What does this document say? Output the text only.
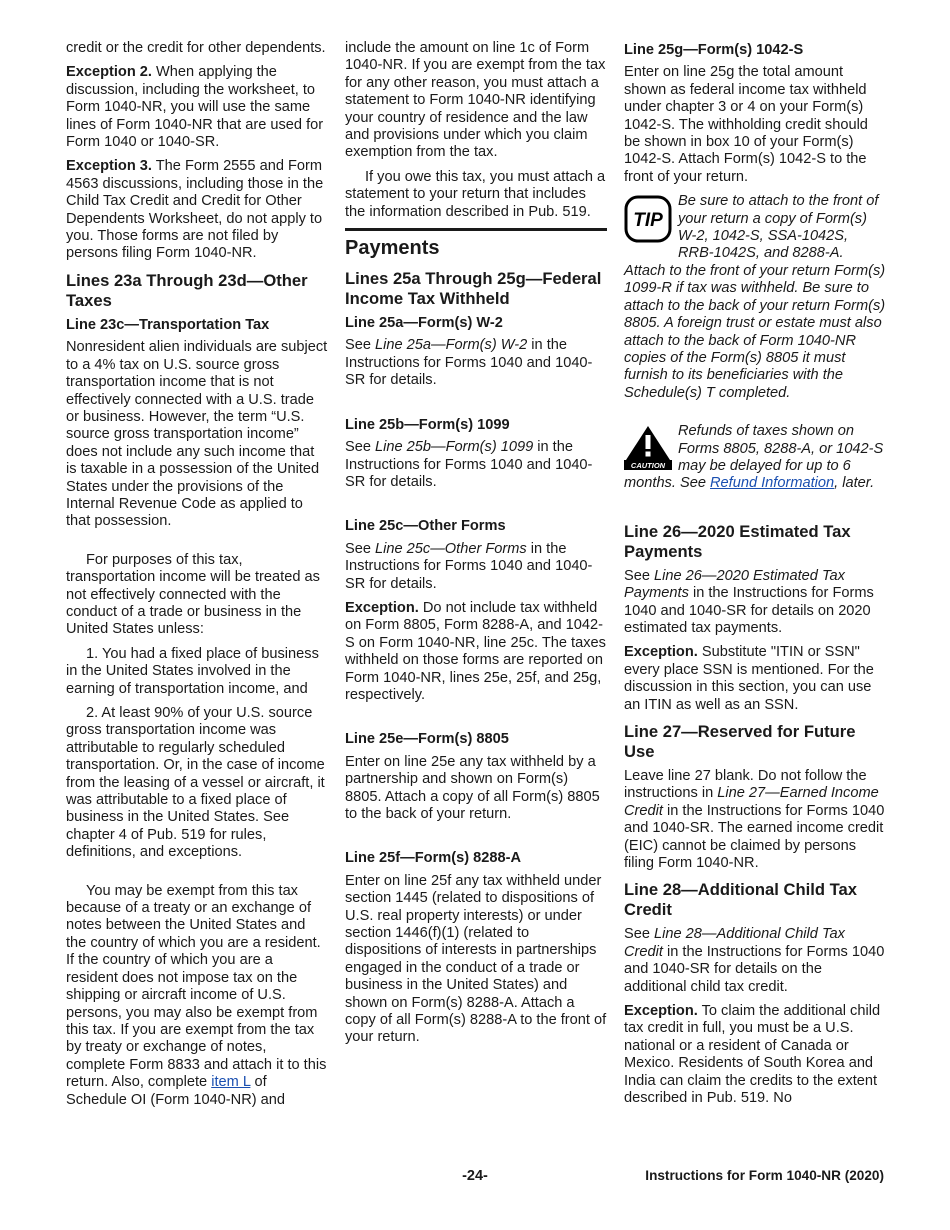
credit or the credit for other dependents.

Exception 2. When applying the discussion, including the worksheet, to Form 1040-NR, you will use the same lines of Form 1040-NR that are used for Form 1040 or 1040-SR.

Exception 3. The Form 2555 and Form 4563 discussions, including those in the Child Tax Credit and Credit for Other Dependents Worksheet, do not apply to you. Those forms are not filed by persons filing Form 1040-NR.

Lines 23a Through 23d—Other Taxes
Line 23c—Transportation Tax

Nonresident alien individuals are subject to a 4% tax on U.S. source gross transportation income that is not effectively connected with a U.S. trade or business. However, the term “U.S. source gross transportation income” does not include any such income that is taxable in a possession of the United States under the provisions of the Internal Revenue Code as applied to that possession.

For purposes of this tax, transportation income will be treated as not effectively connected with the conduct of a trade or business in the United States unless:

1. You had a fixed place of business in the United States involved in the earning of transportation income, and

2. At least 90% of your U.S. source gross transportation income was attributable to regularly scheduled transportation. Or, in the case of income from the leasing of a vessel or aircraft, it was attributable to a fixed place of business in the United States. See chapter 4 of Pub. 519 for rules, definitions, and exceptions.

You may be exempt from this tax because of a treaty or an exchange of notes between the United States and the country of which you are a resident. If the country of which you are a resident does not impose tax on the shipping or aircraft income of U.S. persons, you may also be exempt from this tax. If you are exempt from the tax by treaty or exchange of notes, complete Form 8833 and attach it to this return. Also, complete item L of Schedule OI (Form 1040-NR) and

include the amount on line 1c of Form 1040-NR. If you are exempt from the tax for any other reason, you must attach a statement to Form 1040-NR identifying your country of residence and the law and provisions under which you claim exemption from the tax.

If you owe this tax, you must attach a statement to your return that includes the information described in Pub. 519.

Payments
Lines 25a Through 25g—Federal Income Tax Withheld
Line 25a—Form(s) W-2

See Line 25a—Form(s) W-2 in the Instructions for Forms 1040 and 1040-SR for details.

Line 25b—Form(s) 1099

See Line 25b—Form(s) 1099 in the Instructions for Forms 1040 and 1040-SR for details.

Line 25c—Other Forms

See Line 25c—Other Forms in the Instructions for Forms 1040 and 1040-SR for details.

Exception. Do not include tax withheld on Form 8805, Form 8288-A, and 1042-S on Form 1040-NR, line 25c. The taxes withheld on those forms are reported on Form 1040-NR, lines 25e, 25f, and 25g, respectively.

Line 25e—Form(s) 8805

Enter on line 25e any tax withheld by a partnership and shown on Form(s) 8805. Attach a copy of all Form(s) 8805 to the back of your return.

Line 25f—Form(s) 8288-A

Enter on line 25f any tax withheld under section 1445 (related to dispositions of U.S. real property interests) or under section 1446(f)(1) (related to dispositions of interests in partnerships engaged in the conduct of a trade or business in the United States) and shown on Form(s) 8288-A. Attach a copy of all Form(s) 8288-A to the front of your return.

Line 25g—Form(s) 1042-S

Enter on line 25g the total amount shown as federal income tax withheld under chapter 3 or 4 on your Form(s) 1042-S. The withholding credit should be shown in box 10 of your Form(s) 1042-S. Attach Form(s) 1042-S to the front of your return.

TIP
Be sure to attach to the front of your return a copy of Form(s) W-2, 1042-S, SSA-1042S, RRB-1042S, and 8288-A. Attach to the front of your return Form(s) 1099-R if tax was withheld. Be sure to attach to the back of your return Form(s) 8805. A foreign trust or estate must also attach to the back of Form 1040-NR copies of the Form(s) 8805 it must furnish to its beneficiaries with the Schedule(s) T completed.
CAUTION
Refunds of taxes shown on Forms 8805, 8288-A, or 1042-S may be delayed for up to 6 months. See Refund Information, later.
Line 26—2020 Estimated Tax Payments

See Line 26—2020 Estimated Tax Payments in the Instructions for Forms 1040 and 1040-SR for details on 2020 estimated tax payments.

Exception. Substitute "ITIN or SSN" every place SSN is mentioned. For the discussion in this section, you can use an ITIN as well as an SSN.

Line 27—Reserved for Future Use

Leave line 27 blank. Do not follow the instructions in Line 27—Earned Income Credit in the Instructions for Forms 1040 and 1040-SR. The earned income credit (EIC) cannot be claimed by persons filing Form 1040-NR.

Line 28—Additional Child Tax Credit

See Line 28—Additional Child Tax Credit in the Instructions for Forms 1040 and 1040-SR for details on the additional child tax credit.

Exception. To claim the additional child tax credit in full, you must be a U.S. national or a resident of Canada or Mexico. Residents of South Korea and India can claim the credits to the extent described in Pub. 519. No

-24-	Instructions for Form 1040-NR (2020)
